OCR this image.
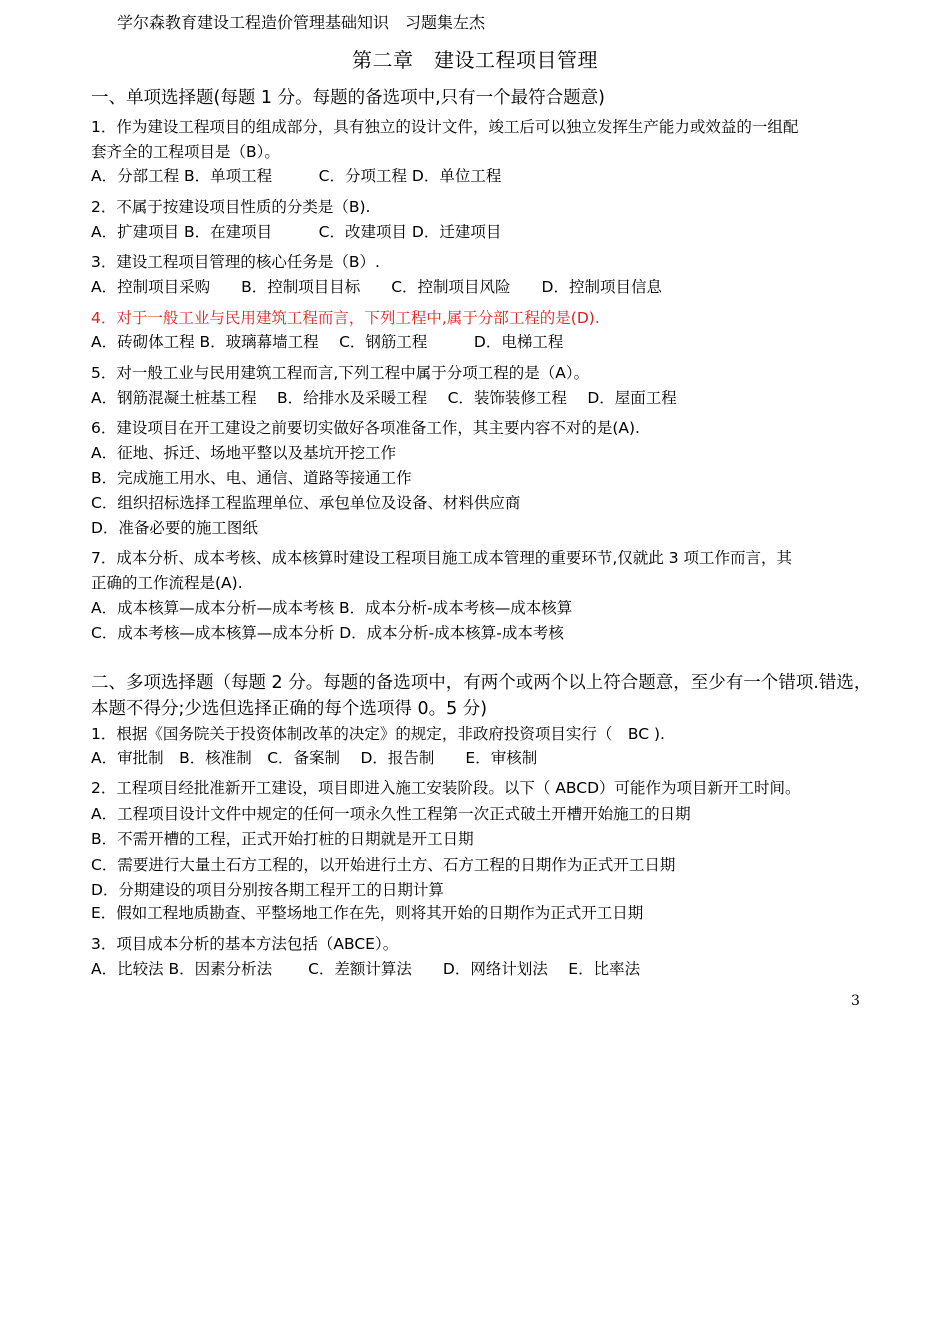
学尔森教育建设工程造价管理基础知识　习题集左杰
第二章　建设工程项目管理
一、单项选择题(每题 1 分。每题的备选项中,只有一个最符合题意)
1．作为建设工程项目的组成部分，具有独立的设计文件，竣工后可以独立发挥生产能力或效益的一组配
套齐全的工程项目是（B）。
A．分部工程 B．单项工程　　　C．分项工程 D．单位工程
2．不属于按建设项目性质的分类是（B).
A．扩建项目 B．在建项目　　　C．改建项目 D．迁建项目
3．建设工程项目管理的核心任务是（B）.
A．控制项目采购　　B．控制项目目标　　C．控制项目风险　　D．控制项目信息
4．对于一般工业与民用建筑工程而言，下列工程中,属于分部工程的是(D).
A．砖砌体工程 B．玻璃幕墙工程　 C．钢筋工程　　　D．电梯工程
5．对一般工业与民用建筑工程而言,下列工程中属于分项工程的是（A）。
A．钢筋混凝土桩基工程　 B．给排水及采暖工程　 C．装饰装修工程　 D．屋面工程
6．建设项目在开工建设之前要切实做好各项准备工作，其主要内容不对的是(A).
A．征地、拆迁、场地平整以及基坑开挖工作
B．完成施工用水、电、通信、道路等接通工作
C．组织招标选择工程监理单位、承包单位及设备、材料供应商
D．准备必要的施工图纸
7．成本分析、成本考核、成本核算时建设工程项目施工成本管理的重要环节,仅就此 3 项工作而言，其
正确的工作流程是(A).
A．成本核算—成本分析—成本考核 B．成本分析-成本考核—成本核算
C．成本考核—成本核算—成本分析 D．成本分析-成本核算-成本考核
二、多项选择题（每题 2 分。每题的备选项中，有两个或两个以上符合题意，至少有一个错项.错选，本题不得分;少选但选择正确的每个选项得 0。5 分)
1．根据《国务院关于投资体制改革的决定》的规定，非政府投资项目实行（　BC ).
A．审批制　B．核准制　C．备案制　 D．报告制　　E．审核制
2．工程项目经批准新开工建设，项目即进入施工安装阶段。以下（ ABCD）可能作为项目新开工时间。
A．工程项目设计文件中规定的任何一项永久性工程第一次正式破土开槽开始施工的日期
B．不需开槽的工程，正式开始打桩的日期就是开工日期
C．需要进行大量土石方工程的，以开始进行土方、石方工程的日期作为正式开工日期
D．分期建设的项目分别按各期工程开工的日期计算
E．假如工程地质勘查、平整场地工作在先，则将其开始的日期作为正式开工日期
3．项目成本分析的基本方法包括（ABCE）。
A．比较法 B．因素分析法　　 C．差额计算法　　D．网络计划法　 E．比率法
3
